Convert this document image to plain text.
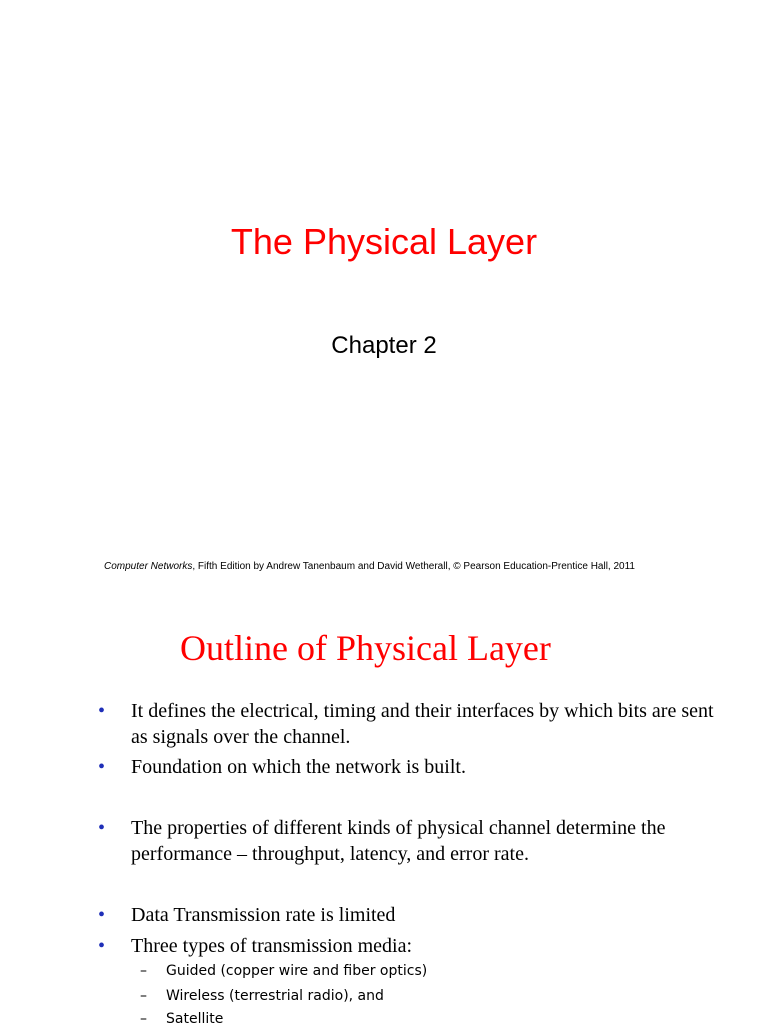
The Physical Layer
Chapter 2
Computer Networks, Fifth Edition by Andrew Tanenbaum and David Wetherall, © Pearson Education-Prentice Hall, 2011
Outline of Physical Layer
•	It defines the electrical, timing and their interfaces by which bits are sent as signals over the channel.
•	Foundation on which the network is built.
•	The properties of different kinds of physical channel determine the performance – throughput, latency, and error rate.
•	Data Transmission rate is limited
•	Three types of transmission media:
– Guided (copper wire and fiber optics)
– Wireless (terrestrial radio), and
– Satellite
